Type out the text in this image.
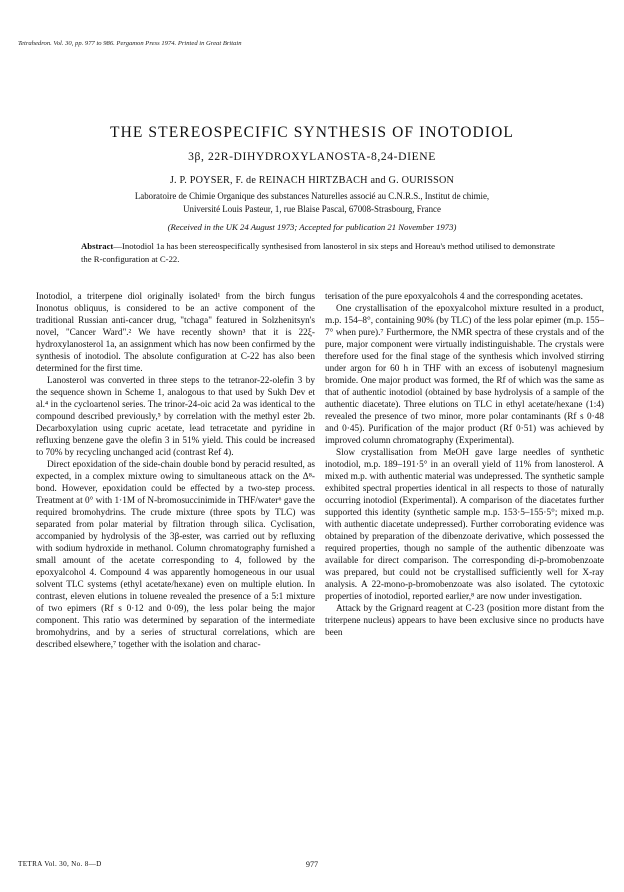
Tetrahedron. Vol. 30, pp. 977 to 986. Pergamon Press 1974. Printed in Great Britain
THE STEREOSPECIFIC SYNTHESIS OF INOTODIOL
3β, 22R-DIHYDROXYLANOSTA-8,24-DIENE
J. P. POYSER, F. de REINACH HIRTZBACH and G. OURISSON
Laboratoire de Chimie Organique des substances Naturelles associé au C.N.R.S., Institut de chimie,
Université Louis Pasteur, 1, rue Blaise Pascal, 67008-Strasbourg, France
(Received in the UK 24 August 1973; Accepted for publication 21 November 1973)

Abstract—Inotodiol 1a has been stereospecifically synthesised from lanosterol in six steps and Horeau's method utilised to demonstrate the R-configuration at C-22.

Inotodiol, a triterpene diol originally isolated¹ from the birch fungus Inonotus obliquus, is considered to be an active component of the traditional Russian anti-cancer drug, "tchaga" featured in Solzhenitsyn's novel, "Cancer Ward".² We have recently shown³ that it is 22ξ-hydroxylanosterol 1a, an assignment which has now been confirmed by the synthesis of inotodiol. The absolute configuration at C-22 has also been determined for the first time.

Lanosterol was converted in three steps to the tetranor-22-olefin 3 by the sequence shown in Scheme 1, analogous to that used by Sukh Dev et al.⁴ in the cycloartenol series. The trinor-24-oic acid 2a was identical to the compound described previously,⁵ by correlation with the methyl ester 2b. Decarboxylation using cupric acetate, lead tetracetate and pyridine in refluxing benzene gave the olefin 3 in 51% yield. This could be increased to 70% by recycling unchanged acid (contrast Ref 4).

Direct epoxidation of the side-chain double bond by peracid resulted, as expected, in a complex mixture owing to simultaneous attack on the Δ⁸-bond. However, epoxidation could be effected by a two-step process. Treatment at 0° with 1·1M of N-bromosuccinimide in THF/water⁶ gave the required bromohydrins. The crude mixture (three spots by TLC) was separated from polar material by filtration through silica. Cyclisation, accompanied by hydrolysis of the 3β-ester, was carried out by refluxing with sodium hydroxide in methanol. Column chromatography furnished a small amount of the acetate corresponding to 4, followed by the epoxyalcohol 4. Compound 4 was apparently homogeneous in our usual solvent TLC systems (ethyl acetate/hexane) even on multiple elution. In contrast, eleven elutions in toluene revealed the presence of a 5:1 mixture of two epimers (Rf s 0·12 and 0·09), the less polar being the major component. This ratio was determined by separation of the intermediate bromohydrins, and by a series of structural correlations, which are described elsewhere,⁷ together with the isolation and charac-

terisation of the pure epoxyalcohols 4 and the corresponding acetates.

One crystallisation of the epoxyalcohol mixture resulted in a product, m.p. 154–8°, containing 90% (by TLC) of the less polar epimer (m.p. 155–7° when pure).⁷ Furthermore, the NMR spectra of these crystals and of the pure, major component were virtually indistinguishable. The crystals were therefore used for the final stage of the synthesis which involved stirring under argon for 60 h in THF with an excess of isobutenyl magnesium bromide. One major product was formed, the Rf of which was the same as that of authentic inotodiol (obtained by base hydrolysis of a sample of the authentic diacetate). Three elutions on TLC in ethyl acetate/hexane (1:4) revealed the presence of two minor, more polar contaminants (Rf s 0·48 and 0·45). Purification of the major product (Rf 0·51) was achieved by improved column chromatography (Experimental).

Slow crystallisation from MeOH gave large needles of synthetic inotodiol, m.p. 189–191·5° in an overall yield of 11% from lanosterol. A mixed m.p. with authentic material was undepressed. The synthetic sample exhibited spectral properties identical in all respects to those of naturally occurring inotodiol (Experimental). A comparison of the diacetates further supported this identity (synthetic sample m.p. 153·5–155·5°; mixed m.p. with authentic diacetate undepressed). Further corroborating evidence was obtained by preparation of the dibenzoate derivative, which possessed the required properties, though no sample of the authentic dibenzoate was available for direct comparison. The corresponding di-p-bromobenzoate was prepared, but could not be crystallised sufficiently well for X-ray analysis. A 22-mono-p-bromobenzoate was also isolated. The cytotoxic properties of inotodiol, reported earlier,⁸ are now under investigation.

Attack by the Grignard reagent at C-23 (position more distant from the triterpene nucleus) appears to have been exclusive since no products have been

TETRA Vol. 30, No. 8—D	977
